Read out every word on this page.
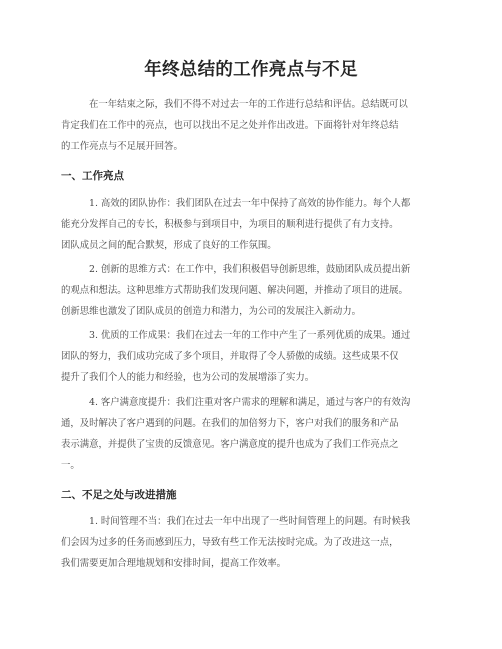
年终总结的工作亮点与不足
在一年结束之际，我们不得不对过去一年的工作进行总结和评估。总结既可以
肯定我们在工作中的亮点，也可以找出不足之处并作出改进。下面将针对年终总结
的工作亮点与不足展开回答。
一、工作亮点
1. 高效的团队协作：我们团队在过去一年中保持了高效的协作能力。每个人都
能充分发挥自己的专长，积极参与到项目中，为项目的顺利进行提供了有力支持。
团队成员之间的配合默契，形成了良好的工作氛围。
2. 创新的思维方式：在工作中，我们积极倡导创新思维，鼓励团队成员提出新
的观点和想法。这种思维方式帮助我们发现问题、解决问题，并推动了项目的进展。
创新思维也激发了团队成员的创造力和潜力，为公司的发展注入新动力。
3. 优质的工作成果：我们在过去一年的工作中产生了一系列优质的成果。通过
团队的努力，我们成功完成了多个项目，并取得了令人骄傲的成绩。这些成果不仅
提升了我们个人的能力和经验，也为公司的发展增添了实力。
4. 客户满意度提升：我们注重对客户需求的理解和满足，通过与客户的有效沟
通，及时解决了客户遇到的问题。在我们的加倍努力下，客户对我们的服务和产品
表示满意，并提供了宝贵的反馈意见。客户满意度的提升也成为了我们工作亮点之
一。
二、不足之处与改进措施
1. 时间管理不当：我们在过去一年中出现了一些时间管理上的问题。有时候我
们会因为过多的任务而感到压力，导致有些工作无法按时完成。为了改进这一点，
我们需要更加合理地规划和安排时间，提高工作效率。
